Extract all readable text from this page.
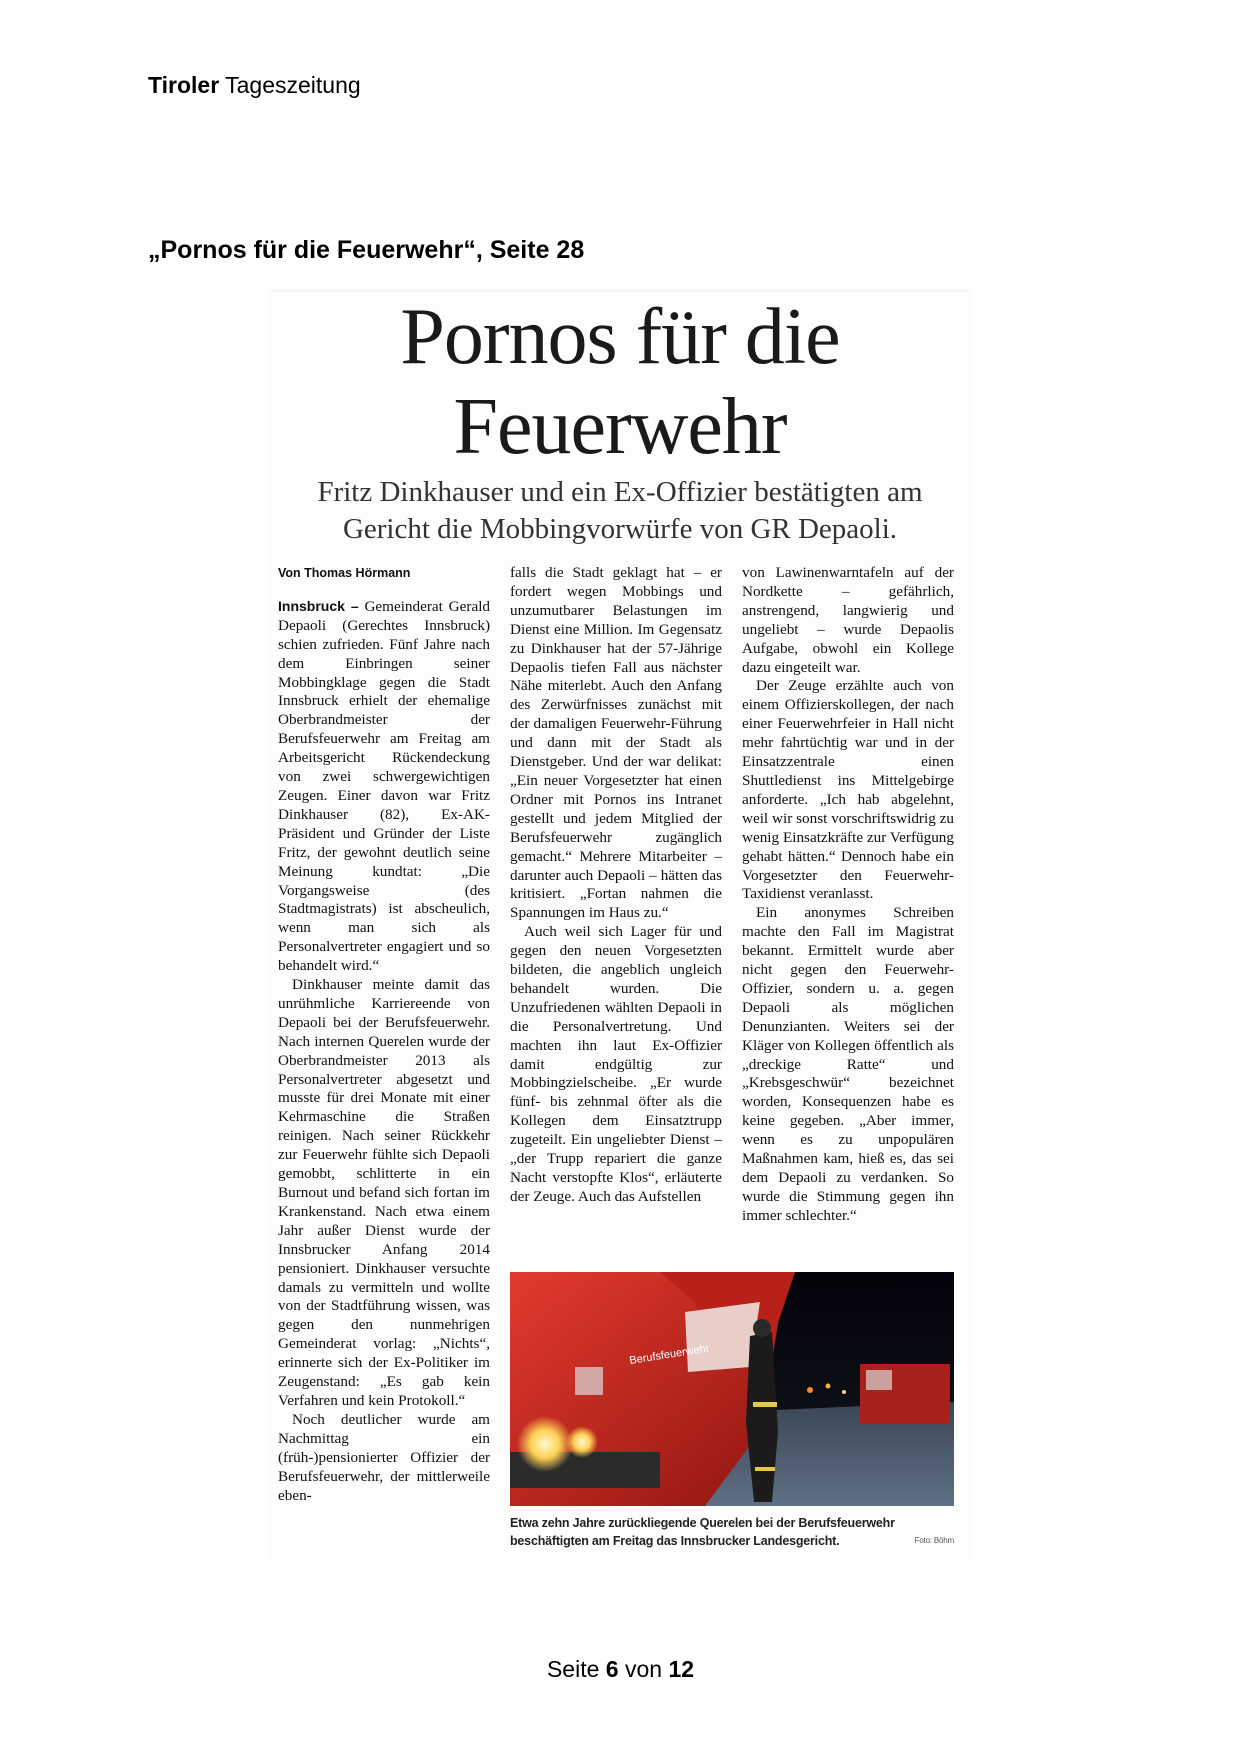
Tiroler Tageszeitung
„Pornos für die Feuerwehr“, Seite 28
Pornos für die
Feuerwehr
Fritz Dinkhauser und ein Ex-Offizier bestätigten am
Gericht die Mobbingvorwürfe von GR Depaoli.
Von Thomas Hörmann

Innsbruck – Gemeinderat Gerald Depaoli (Gerechtes Innsbruck) schien zufrieden. Fünf Jahre nach dem Einbringen seiner Mobbingklage gegen die Stadt Innsbruck erhielt der ehemalige Oberbrandmeister der Berufsfeuerwehr am Freitag am Arbeitsgericht Rückendeckung von zwei schwergewichtigen Zeugen. Einer davon war Fritz Dinkhauser (82), Ex-AK-Präsident und Gründer der Liste Fritz, der gewohnt deutlich seine Meinung kundtat: „Die Vorgangsweise (des Stadtmagistrats) ist abscheulich, wenn man sich als Personalvertreter engagiert und so behandelt wird.“

Dinkhauser meinte damit das unrühmliche Karriereende von Depaoli bei der Berufsfeuerwehr. Nach internen Querelen wurde der Oberbrandmeister 2013 als Personalvertreter abgesetzt und musste für drei Monate mit einer Kehrmaschine die Straßen reinigen. Nach seiner Rückkehr zur Feuerwehr fühlte sich Depaoli gemobbt, schlitterte in ein Burnout und befand sich fortan im Krankenstand. Nach etwa einem Jahr außer Dienst wurde der Innsbrucker Anfang 2014 pensioniert. Dinkhauser versuchte damals zu vermitteln und wollte von der Stadtführung wissen, was gegen den nunmehrigen Gemeinderat vorlag: „Nichts“, erinnerte sich der Ex-Politiker im Zeugenstand: „Es gab kein Verfahren und kein Protokoll.“

Noch deutlicher wurde am Nachmittag ein (früh-)pensionierter Offizier der Berufsfeuerwehr, der mittlerweile eben-

falls die Stadt geklagt hat – er fordert wegen Mobbings und unzumutbarer Belastungen im Dienst eine Million. Im Gegensatz zu Dinkhauser hat der 57-Jährige Depaolis tiefen Fall aus nächster Nähe miterlebt. Auch den Anfang des Zerwürfnisses zunächst mit der damaligen Feuerwehr-Führung und dann mit der Stadt als Dienstgeber. Und der war delikat: „Ein neuer Vorgesetzter hat einen Ordner mit Pornos ins Intranet gestellt und jedem Mitglied der Berufsfeuerwehr zugänglich gemacht.“ Mehrere Mitarbeiter – darunter auch Depaoli – hätten das kritisiert. „Fortan nahmen die Spannungen im Haus zu.“

Auch weil sich Lager für und gegen den neuen Vorgesetzten bildeten, die angeblich ungleich behandelt wurden. Die Unzufriedenen wählten Depaoli in die Personalvertretung. Und machten ihn laut Ex-Offizier damit endgültig zur Mobbingzielscheibe. „Er wurde fünf- bis zehnmal öfter als die Kollegen dem Einsatztrupp zugeteilt. Ein ungeliebter Dienst – „der Trupp repariert die ganze Nacht verstopfte Klos“, erläuterte der Zeuge. Auch das Aufstellen

von Lawinenwarntafeln auf der Nordkette – gefährlich, anstrengend, langwierig und ungeliebt – wurde Depaolis Aufgabe, obwohl ein Kollege dazu eingeteilt war.

Der Zeuge erzählte auch von einem Offizierskollegen, der nach einer Feuerwehrfeier in Hall nicht mehr fahrtüchtig war und in der Einsatzzentrale einen Shuttledienst ins Mittelgebirge anforderte. „Ich hab abgelehnt, weil wir sonst vorschriftswidrig zu wenig Einsatzkräfte zur Verfügung gehabt hätten.“ Dennoch habe ein Vorgesetzter den Feuerwehr-Taxidienst veranlasst.

Ein anonymes Schreiben machte den Fall im Magistrat bekannt. Ermittelt wurde aber nicht gegen den Feuerwehr-Offizier, sondern u. a. gegen Depaoli als möglichen Denunzianten. Weiters sei der Kläger von Kollegen öffentlich als „dreckige Ratte“ und „Krebsgeschwür“ bezeichnet worden, Konsequenzen habe es keine gegeben. „Aber immer, wenn es zu unpopulären Maßnahmen kam, hieß es, das sei dem Depaoli zu verdanken. So wurde die Stimmung gegen ihn immer schlechter.“

Berufsfeuerwehr
Etwa zehn Jahre zurückliegende Querelen bei der Berufsfeuerwehr beschäftigten am Freitag das Innsbrucker Landesgericht.	Foto: Böhm
Seite 6 von 12
